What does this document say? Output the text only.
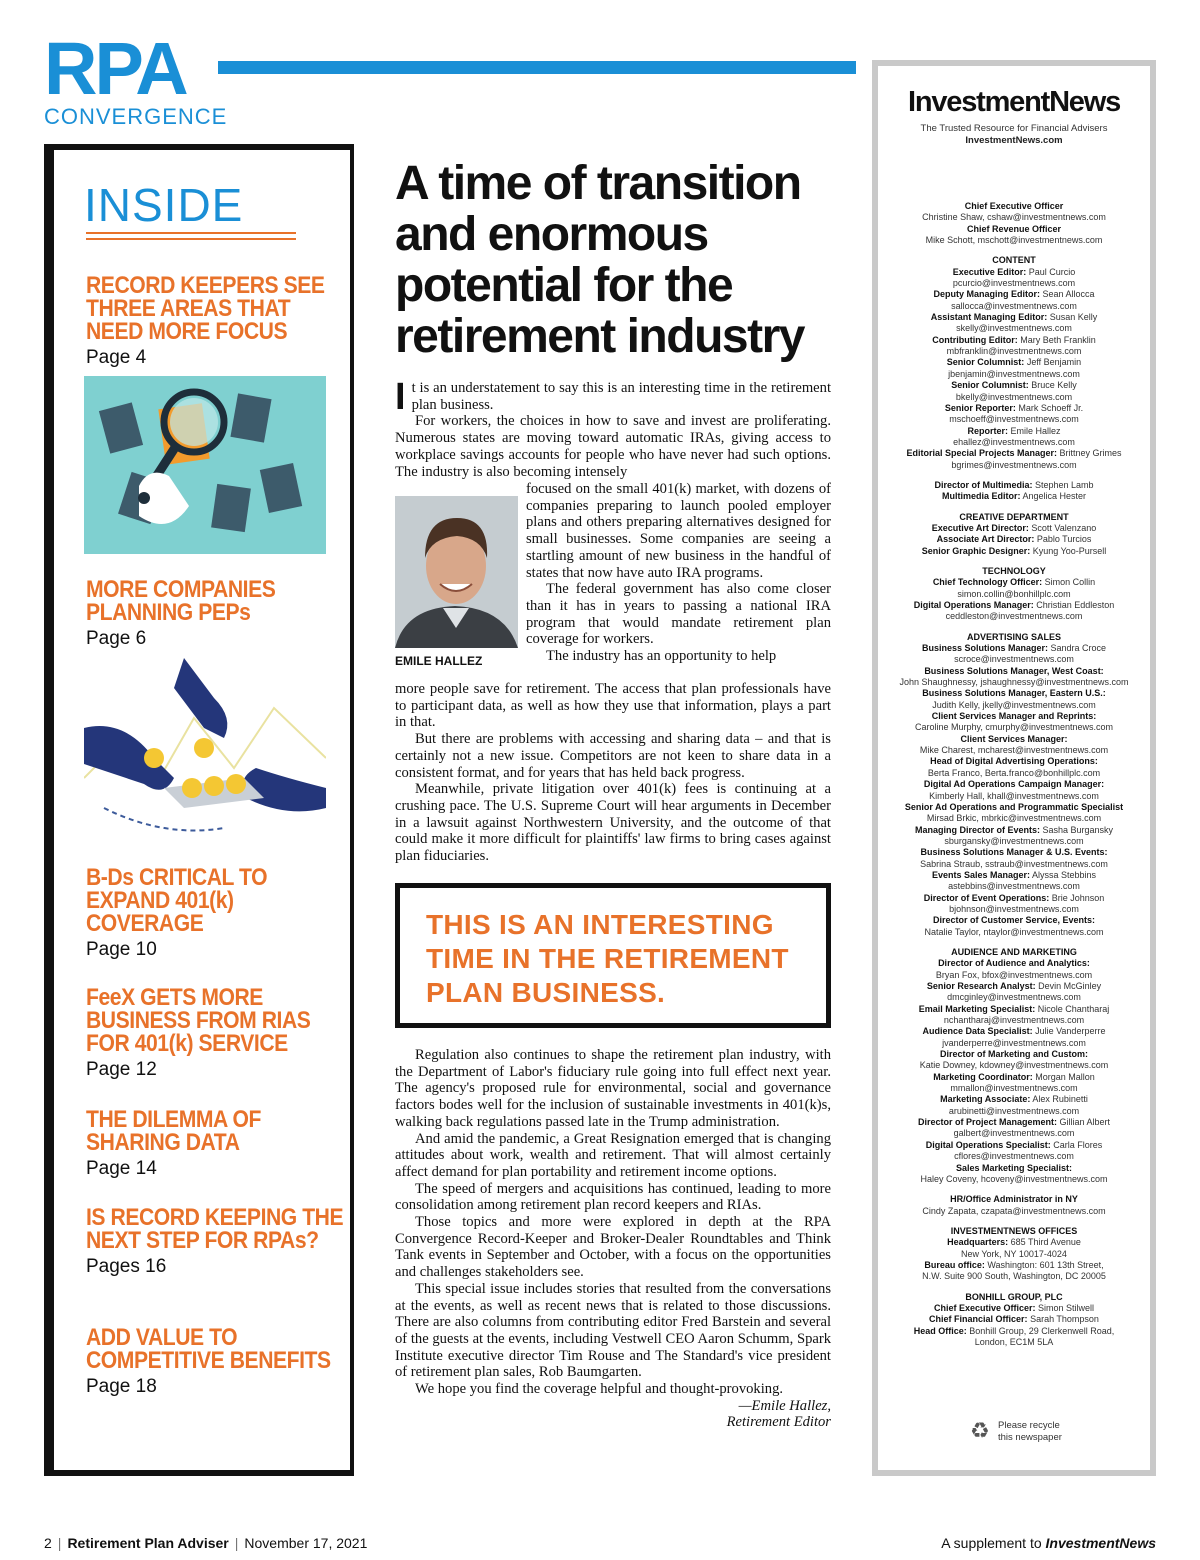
RPA
CONVERGENCE
INSIDE
RECORD KEEPERS SEE THREE AREAS THAT NEED MORE FOCUS
Page 4
MORE COMPANIES PLANNING PEPs
Page 6
B-Ds CRITICAL TO EXPAND 401(k) COVERAGE
Page 10
FeeX GETS MORE BUSINESS FROM RIAS FOR 401(k) SERVICE
Page 12
THE DILEMMA OF SHARING DATA
Page 14
IS RECORD KEEPING THE NEXT STEP FOR RPAs?
Pages 16
ADD VALUE TO COMPETITIVE BENEFITS
Page 18
A time of transition and enormous potential for the retirement industry

It is an understatement to say this is an interesting time in the retirement plan business.

For workers, the choices in how to save and invest are proliferating. Numerous states are moving toward automatic IRAs, giving access to workplace savings accounts for people who have never had such options. The industry is also becoming intensely

EMILE HALLEZ

focused on the small 401(k) market, with dozens of companies preparing to launch pooled employer plans and others preparing alternatives designed for small businesses. Some companies are seeing a startling amount of new business in the handful of states that now have auto IRA programs.

The federal government has also come closer than it has in years to passing a national IRA program that would mandate retirement plan coverage for workers.

The industry has an opportunity to help

more people save for retirement. The access that plan professionals have to participant data, as well as how they use that information, plays a part in that.

But there are problems with accessing and sharing data – and that is certainly not a new issue. Competitors are not keen to share data in a consistent format, and for years that has held back progress.

Meanwhile, private litigation over 401(k) fees is continuing at a crushing pace. The U.S. Supreme Court will hear arguments in December in a lawsuit against Northwestern University, and the outcome of that could make it more difficult for plaintiffs' law firms to bring cases against plan fiduciaries.

THIS IS AN INTERESTING TIME IN THE RETIREMENT PLAN BUSINESS.

Regulation also continues to shape the retirement plan industry, with the Department of Labor's fiduciary rule going into full effect next year. The agency's proposed rule for environmental, social and governance factors bodes well for the inclusion of sustainable investments in 401(k)s, walking back regulations passed late in the Trump administration.

And amid the pandemic, a Great Resignation emerged that is changing attitudes about work, wealth and retirement. That will almost certainly affect demand for plan portability and retirement income options.

The speed of mergers and acquisitions has continued, leading to more consolidation among retirement plan record keepers and RIAs.

Those topics and more were explored in depth at the RPA Convergence Record-Keeper and Broker-Dealer Roundtables and Think Tank events in September and October, with a focus on the opportunities and challenges stakeholders see.

This special issue includes stories that resulted from the conversations at the events, as well as recent news that is related to those discussions. There are also columns from contributing editor Fred Barstein and several of the guests at the events, including Vestwell CEO Aaron Schumm, Spark Institute executive director Tim Rouse and The Standard's vice president of retirement plan sales, Rob Baumgarten.

We hope you find the coverage helpful and thought-provoking.

—Emile Hallez,
Retirement Editor
InvestmentNews
The Trusted Resource for Financial Advisers
InvestmentNews.com
Chief Executive Officer
Christine Shaw, cshaw@investmentnews.com
Chief Revenue Officer
Mike Schott, mschott@investmentnews.com
CONTENT
Executive Editor: Paul Curcio
pcurcio@investmentnews.com
Deputy Managing Editor: Sean Allocca
sallocca@investmentnews.com
Assistant Managing Editor: Susan Kelly
skelly@investmentnews.com
Contributing Editor: Mary Beth Franklin
mbfranklin@investmentnews.com
Senior Columnist: Jeff Benjamin
jbenjamin@investmentnews.com
Senior Columnist: Bruce Kelly
bkelly@investmentnews.com
Senior Reporter: Mark Schoeff Jr.
mschoeff@investmentnews.com
Reporter: Emile Hallez
ehallez@investmentnews.com
Editorial Special Projects Manager: Brittney Grimes
bgrimes@investmentnews.com
Director of Multimedia: Stephen Lamb
Multimedia Editor: Angelica Hester
CREATIVE DEPARTMENT
Executive Art Director: Scott Valenzano
Associate Art Director: Pablo Turcios
Senior Graphic Designer: Kyung Yoo-Pursell
TECHNOLOGY
Chief Technology Officer: Simon Collin
simon.collin@bonhillplc.com
Digital Operations Manager: Christian Eddleston
ceddleston@investmentnews.com
ADVERTISING SALES
Business Solutions Manager: Sandra Croce
scroce@investmentnews.com
Business Solutions Manager, West Coast:
John Shaughnessy, jshaughnessy@investmentnews.com
Business Solutions Manager, Eastern U.S.:
Judith Kelly, jkelly@investmentnews.com
Client Services Manager and Reprints:
Caroline Murphy, cmurphy@investmentnews.com
Client Services Manager:
Mike Charest, mcharest@investmentnews.com
Head of Digital Advertising Operations:
Berta Franco, Berta.franco@bonhillplc.com
Digital Ad Operations Campaign Manager:
Kimberly Hall, khall@investmentnews.com
Senior Ad Operations and Programmatic Specialist
Mirsad Brkic, mbrkic@investmentnews.com
Managing Director of Events: Sasha Burgansky
sburgansky@investmentnews.com
Business Solutions Manager & U.S. Events:
Sabrina Straub, sstraub@investmentnews.com
Events Sales Manager: Alyssa Stebbins
astebbins@investmentnews.com
Director of Event Operations: Brie Johnson
bjohnson@investmentnews.com
Director of Customer Service, Events:
Natalie Taylor, ntaylor@investmentnews.com
AUDIENCE AND MARKETING
Director of Audience and Analytics:
Bryan Fox, bfox@investmentnews.com
Senior Research Analyst: Devin McGinley
dmcginley@investmentnews.com
Email Marketing Specialist: Nicole Chantharaj
nchantharaj@investmentnews.com
Audience Data Specialist: Julie Vanderperre
jvanderperre@investmentnews.com
Director of Marketing and Custom:
Katie Downey, kdowney@investmentnews.com
Marketing Coordinator: Morgan Mallon
mmallon@investmentnews.com
Marketing Associate: Alex Rubinetti
arubinetti@investmentnews.com
Director of Project Management: Gillian Albert
galbert@investmentnews.com
Digital Operations Specialist: Carla Flores
cflores@investmentnews.com
Sales Marketing Specialist:
Haley Coveny, hcoveny@investmentnews.com
HR/Office Administrator in NY
Cindy Zapata, czapata@investmentnews.com
INVESTMENTNEWS OFFICES
Headquarters: 685 Third Avenue
New York, NY 10017-4024
Bureau office: Washington: 601 13th Street,
N.W. Suite 900 South, Washington, DC 20005
BONHILL GROUP, PLC
Chief Executive Officer: Simon Stilwell
Chief Financial Officer: Sarah Thompson
Head Office: Bonhill Group, 29 Clerkenwell Road,
London, EC1M 5LA
♻ Please recycle
this newspaper
2 | Retirement Plan Adviser | November 17, 2021	A supplement to InvestmentNews
